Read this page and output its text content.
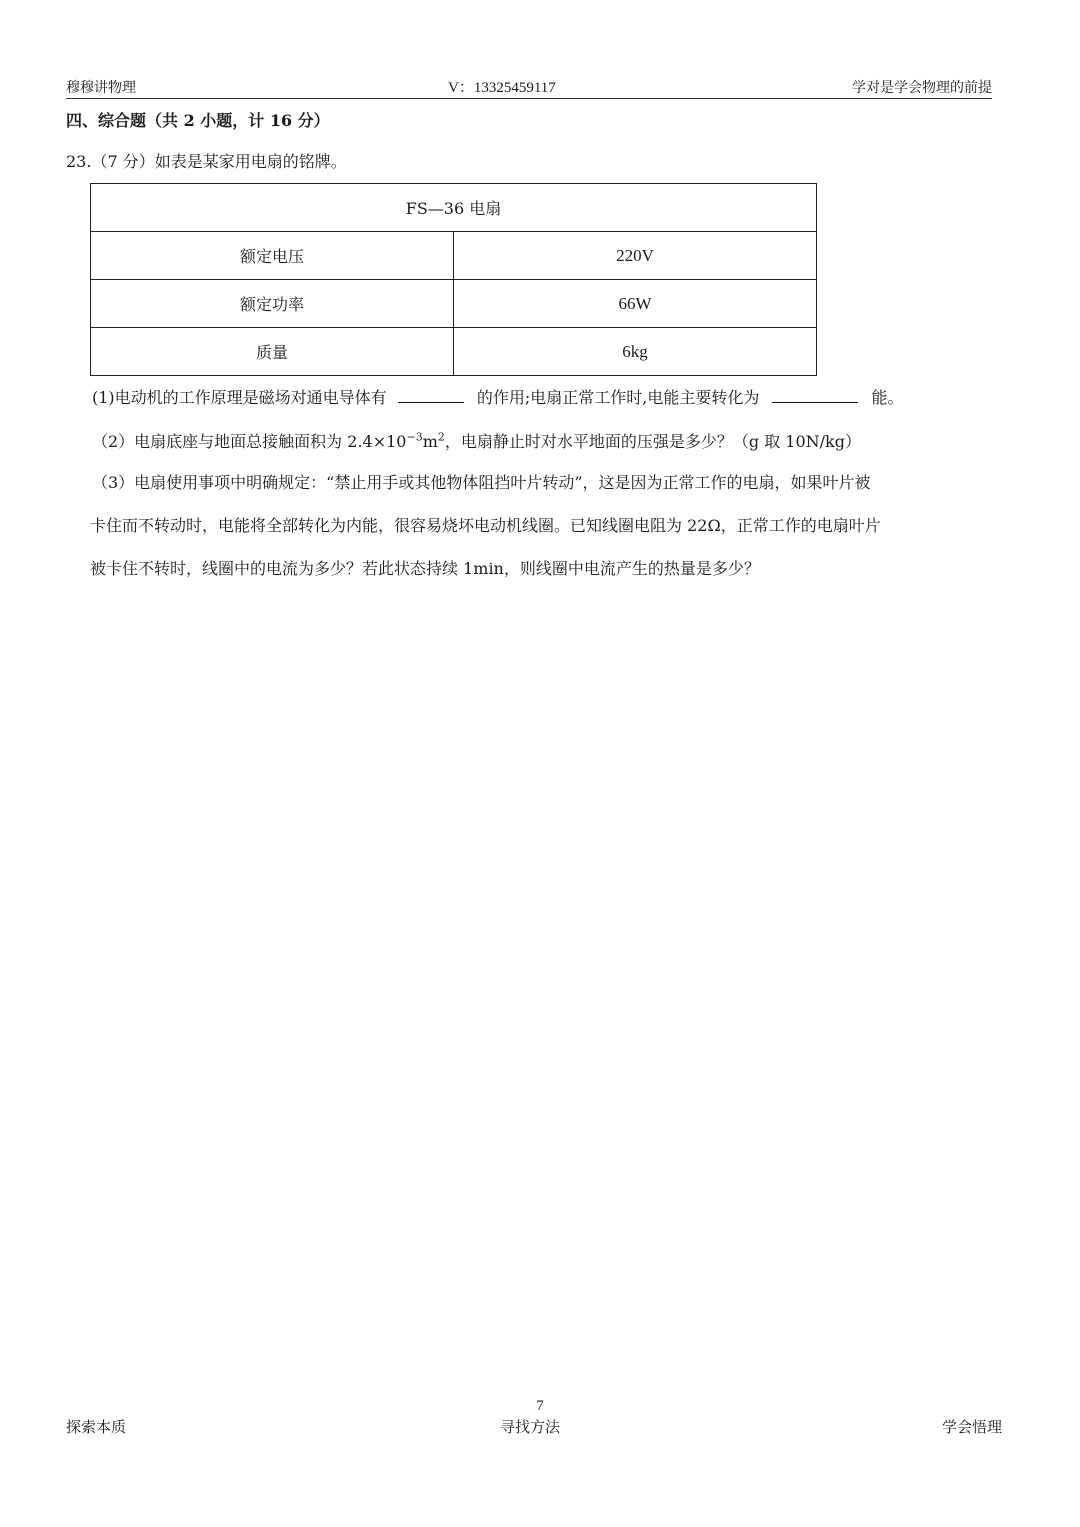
穆穆讲物理	V：13325459117	学对是学会物理的前提
四、综合题（共 2 小题，计 16 分）
23.（7 分）如表是某家用电扇的铭牌。
FS—36 电扇	
额定电压	220V
额定功率	66W
质量	6kg
(1)电动机的工作原理是磁场对通电导体有	的作用;电扇正常工作时,电能主要转化为	能。
（2）电扇底座与地面总接触面积为 $2.4\times 10^{-3}m^2$，电扇静止时对水平地面的压强是多少？（g 取 10N/kg）
（3）电扇使用事项中明确规定：“禁止用手或其他物体阻挡叶片转动”，这是因为正常工作的电扇，如果叶片被
卡住而不转动时，电能将全部转化为内能，很容易烧坏电动机线圈。已知线圈电阻为 22Ω，正常工作的电扇叶片
被卡住不转时，线圈中的电流为多少？若此状态持续 1min，则线圈中电流产生的热量是多少？
7
探索本质	寻找方法	学会悟理
